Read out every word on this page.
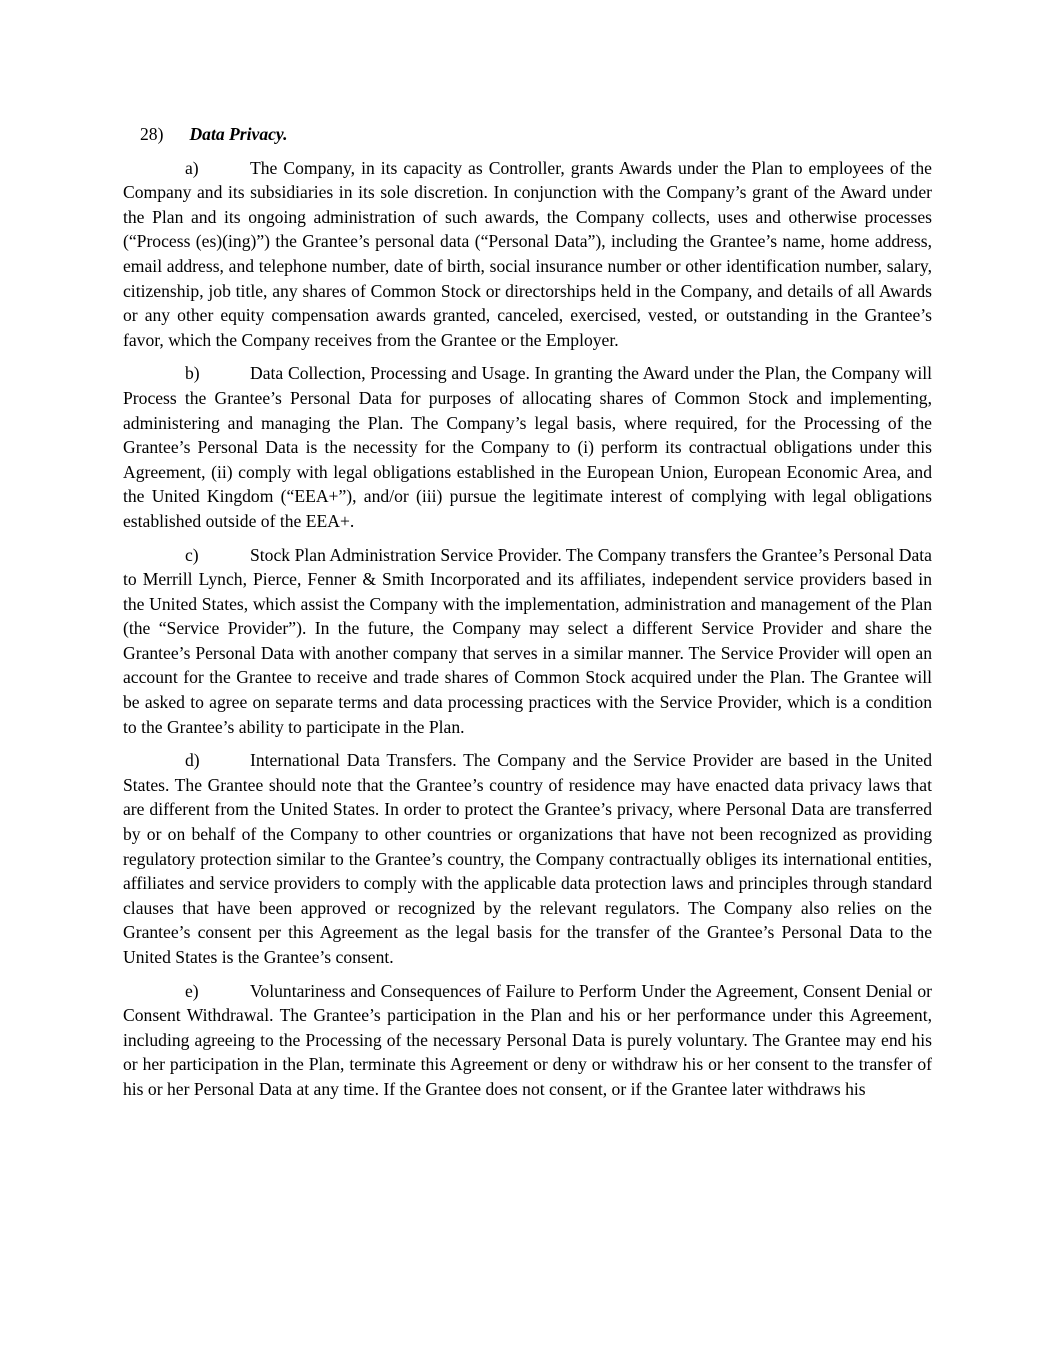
28) Data Privacy.

a)	The Company, in its capacity as Controller, grants Awards under the Plan to employees of the Company and its subsidiaries in its sole discretion. In conjunction with the Company’s grant of the Award under the Plan and its ongoing administration of such awards, the Company collects, uses and otherwise processes (“Process (es)(ing)”) the Grantee’s personal data (“Personal Data”), including the Grantee’s name, home address, email address, and telephone number, date of birth, social insurance number or other identification number, salary, citizenship, job title, any shares of Common Stock or directorships held in the Company, and details of all Awards or any other equity compensation awards granted, canceled, exercised, vested, or outstanding in the Grantee’s favor, which the Company receives from the Grantee or the Employer.

b)	Data Collection, Processing and Usage. In granting the Award under the Plan, the Company will Process the Grantee’s Personal Data for purposes of allocating shares of Common Stock and implementing, administering and managing the Plan. The Company’s legal basis, where required, for the Processing of the Grantee’s Personal Data is the necessity for the Company to (i) perform its contractual obligations under this Agreement, (ii) comply with legal obligations established in the European Union, European Economic Area, and the United Kingdom (“EEA+”), and/or (iii) pursue the legitimate interest of complying with legal obligations established outside of the EEA+.

c)	Stock Plan Administration Service Provider. The Company transfers the Grantee’s Personal Data to Merrill Lynch, Pierce, Fenner & Smith Incorporated and its affiliates, independent service providers based in the United States, which assist the Company with the implementation, administration and management of the Plan (the “Service Provider”). In the future, the Company may select a different Service Provider and share the Grantee’s Personal Data with another company that serves in a similar manner. The Service Provider will open an account for the Grantee to receive and trade shares of Common Stock acquired under the Plan. The Grantee will be asked to agree on separate terms and data processing practices with the Service Provider, which is a condition to the Grantee’s ability to participate in the Plan.

d)	International Data Transfers. The Company and the Service Provider are based in the United States. The Grantee should note that the Grantee’s country of residence may have enacted data privacy laws that are different from the United States. In order to protect the Grantee’s privacy, where Personal Data are transferred by or on behalf of the Company to other countries or organizations that have not been recognized as providing regulatory protection similar to the Grantee’s country, the Company contractually obliges its international entities, affiliates and service providers to comply with the applicable data protection laws and principles through standard clauses that have been approved or recognized by the relevant regulators. The Company also relies on the Grantee’s consent per this Agreement as the legal basis for the transfer of the Grantee’s Personal Data to the United States is the Grantee’s consent.

e)	Voluntariness and Consequences of Failure to Perform Under the Agreement, Consent Denial or Consent Withdrawal. The Grantee’s participation in the Plan and his or her performance under this Agreement, including agreeing to the Processing of the necessary Personal Data is purely voluntary. The Grantee may end his or her participation in the Plan, terminate this Agreement or deny or withdraw his or her consent to the transfer of his or her Personal Data at any time. If the Grantee does not consent, or if the Grantee later withdraws his
